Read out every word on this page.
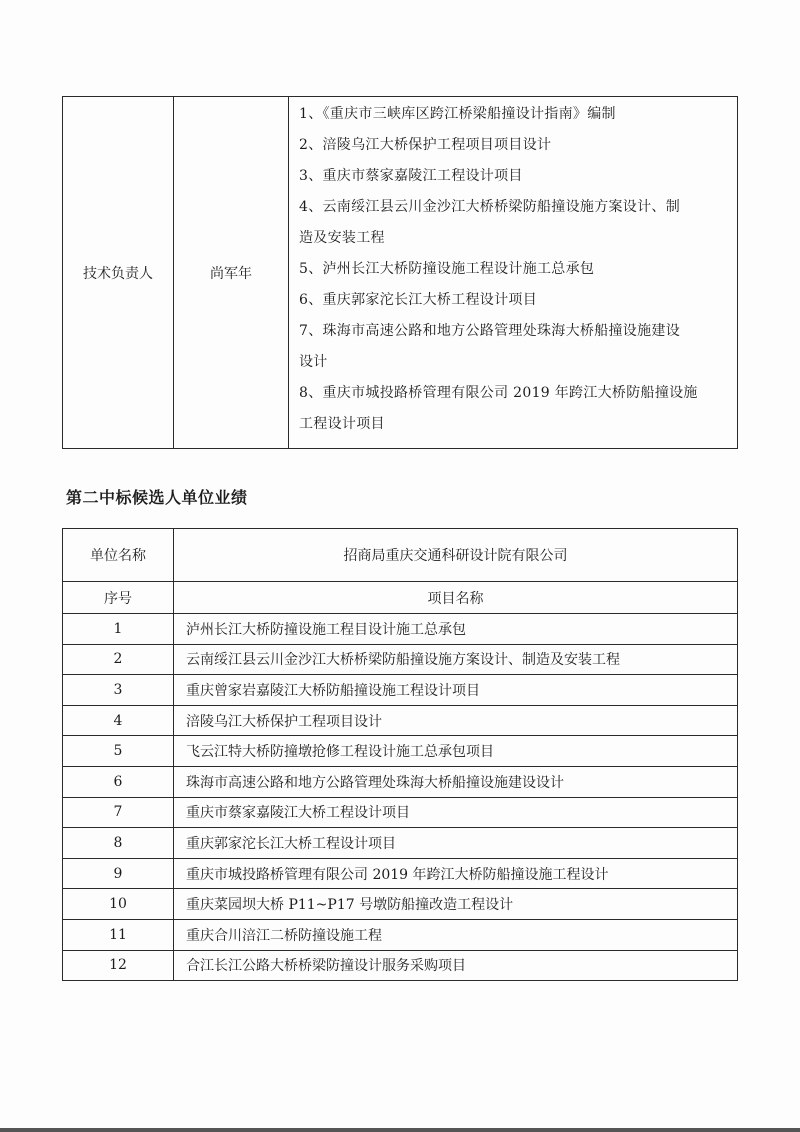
技术负责人	尚军年	
1、《重庆市三峡库区跨江桥梁船撞设计指南》编制
2、涪陵乌江大桥保护工程项目项目设计
3、重庆市蔡家嘉陵江工程设计项目
4、云南绥江县云川金沙江大桥桥梁防船撞设施方案设计、制
造及安装工程
5、泸州长江大桥防撞设施工程设计施工总承包
6、重庆郭家沱长江大桥工程设计项目
7、珠海市高速公路和地方公路管理处珠海大桥船撞设施建设
设计
8、重庆市城投路桥管理有限公司 2019 年跨江大桥防船撞设施
工程设计项目
第二中标候选人单位业绩
单位名称	招商局重庆交通科研设计院有限公司
序号	项目名称
1	泸州长江大桥防撞设施工程目设计施工总承包
2	云南绥江县云川金沙江大桥桥梁防船撞设施方案设计、制造及安装工程
3	重庆曾家岩嘉陵江大桥防船撞设施工程设计项目
4	涪陵乌江大桥保护工程项目设计
5	飞云江特大桥防撞墩抢修工程设计施工总承包项目
6	珠海市高速公路和地方公路管理处珠海大桥船撞设施建设设计
7	重庆市蔡家嘉陵江大桥工程设计项目
8	重庆郭家沱长江大桥工程设计项目
9	重庆市城投路桥管理有限公司 2019 年跨江大桥防船撞设施工程设计
10	重庆菜园坝大桥 P11~P17 号墩防船撞改造工程设计
11	重庆合川涪江二桥防撞设施工程
12	合江长江公路大桥桥梁防撞设计服务采购项目
